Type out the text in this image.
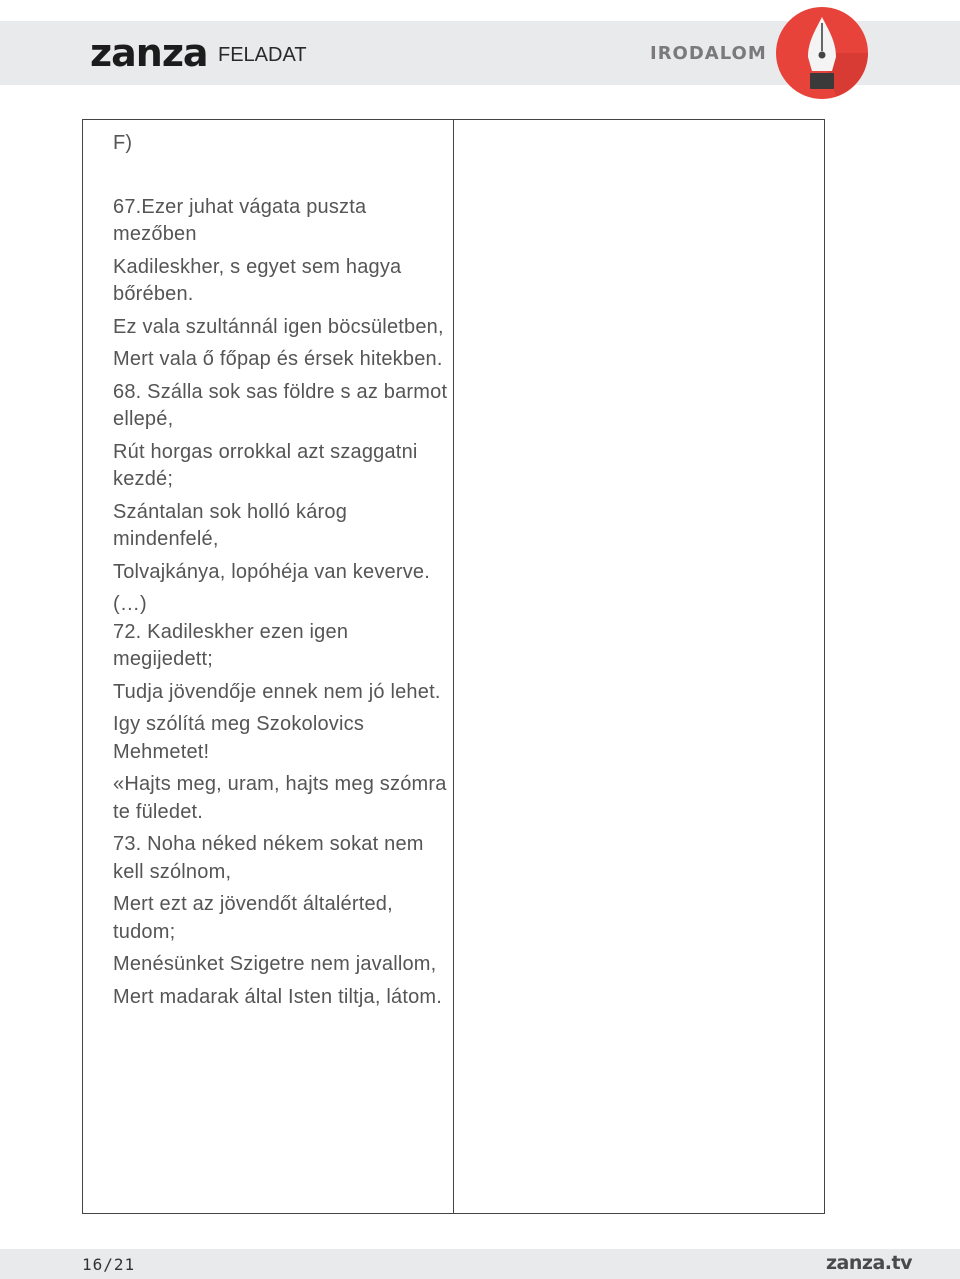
zanza FELADAT	IRODALOM
F)
67.Ezer juhat vágata puszta mezőben
Kadileskher, s egyet sem hagya bőrében.
Ez vala szultánnál igen böcsületben,
Mert vala ő főpap és érsek hitekben.
68. Szálla sok sas földre s az barmot ellepé,
Rút horgas orrokkal azt szaggatni kezdé;
Szántalan sok holló károg mindenfelé,
Tolvajkánya, lopóhéja van keverve.
(…)
72. Kadileskher ezen igen megijedett;
Tudja jövendője ennek nem jó lehet.
Igy szólítá meg Szokolovics Mehmetet!
«Hajts meg, uram, hajts meg szómra te füledet.
73. Noha néked nékem sokat nem kell szólnom,
Mert ezt az jövendőt általérted, tudom;
Menésünket Szigetre nem javallom,
Mert madarak által Isten tiltja, látom.
16/21	zanza.tv
